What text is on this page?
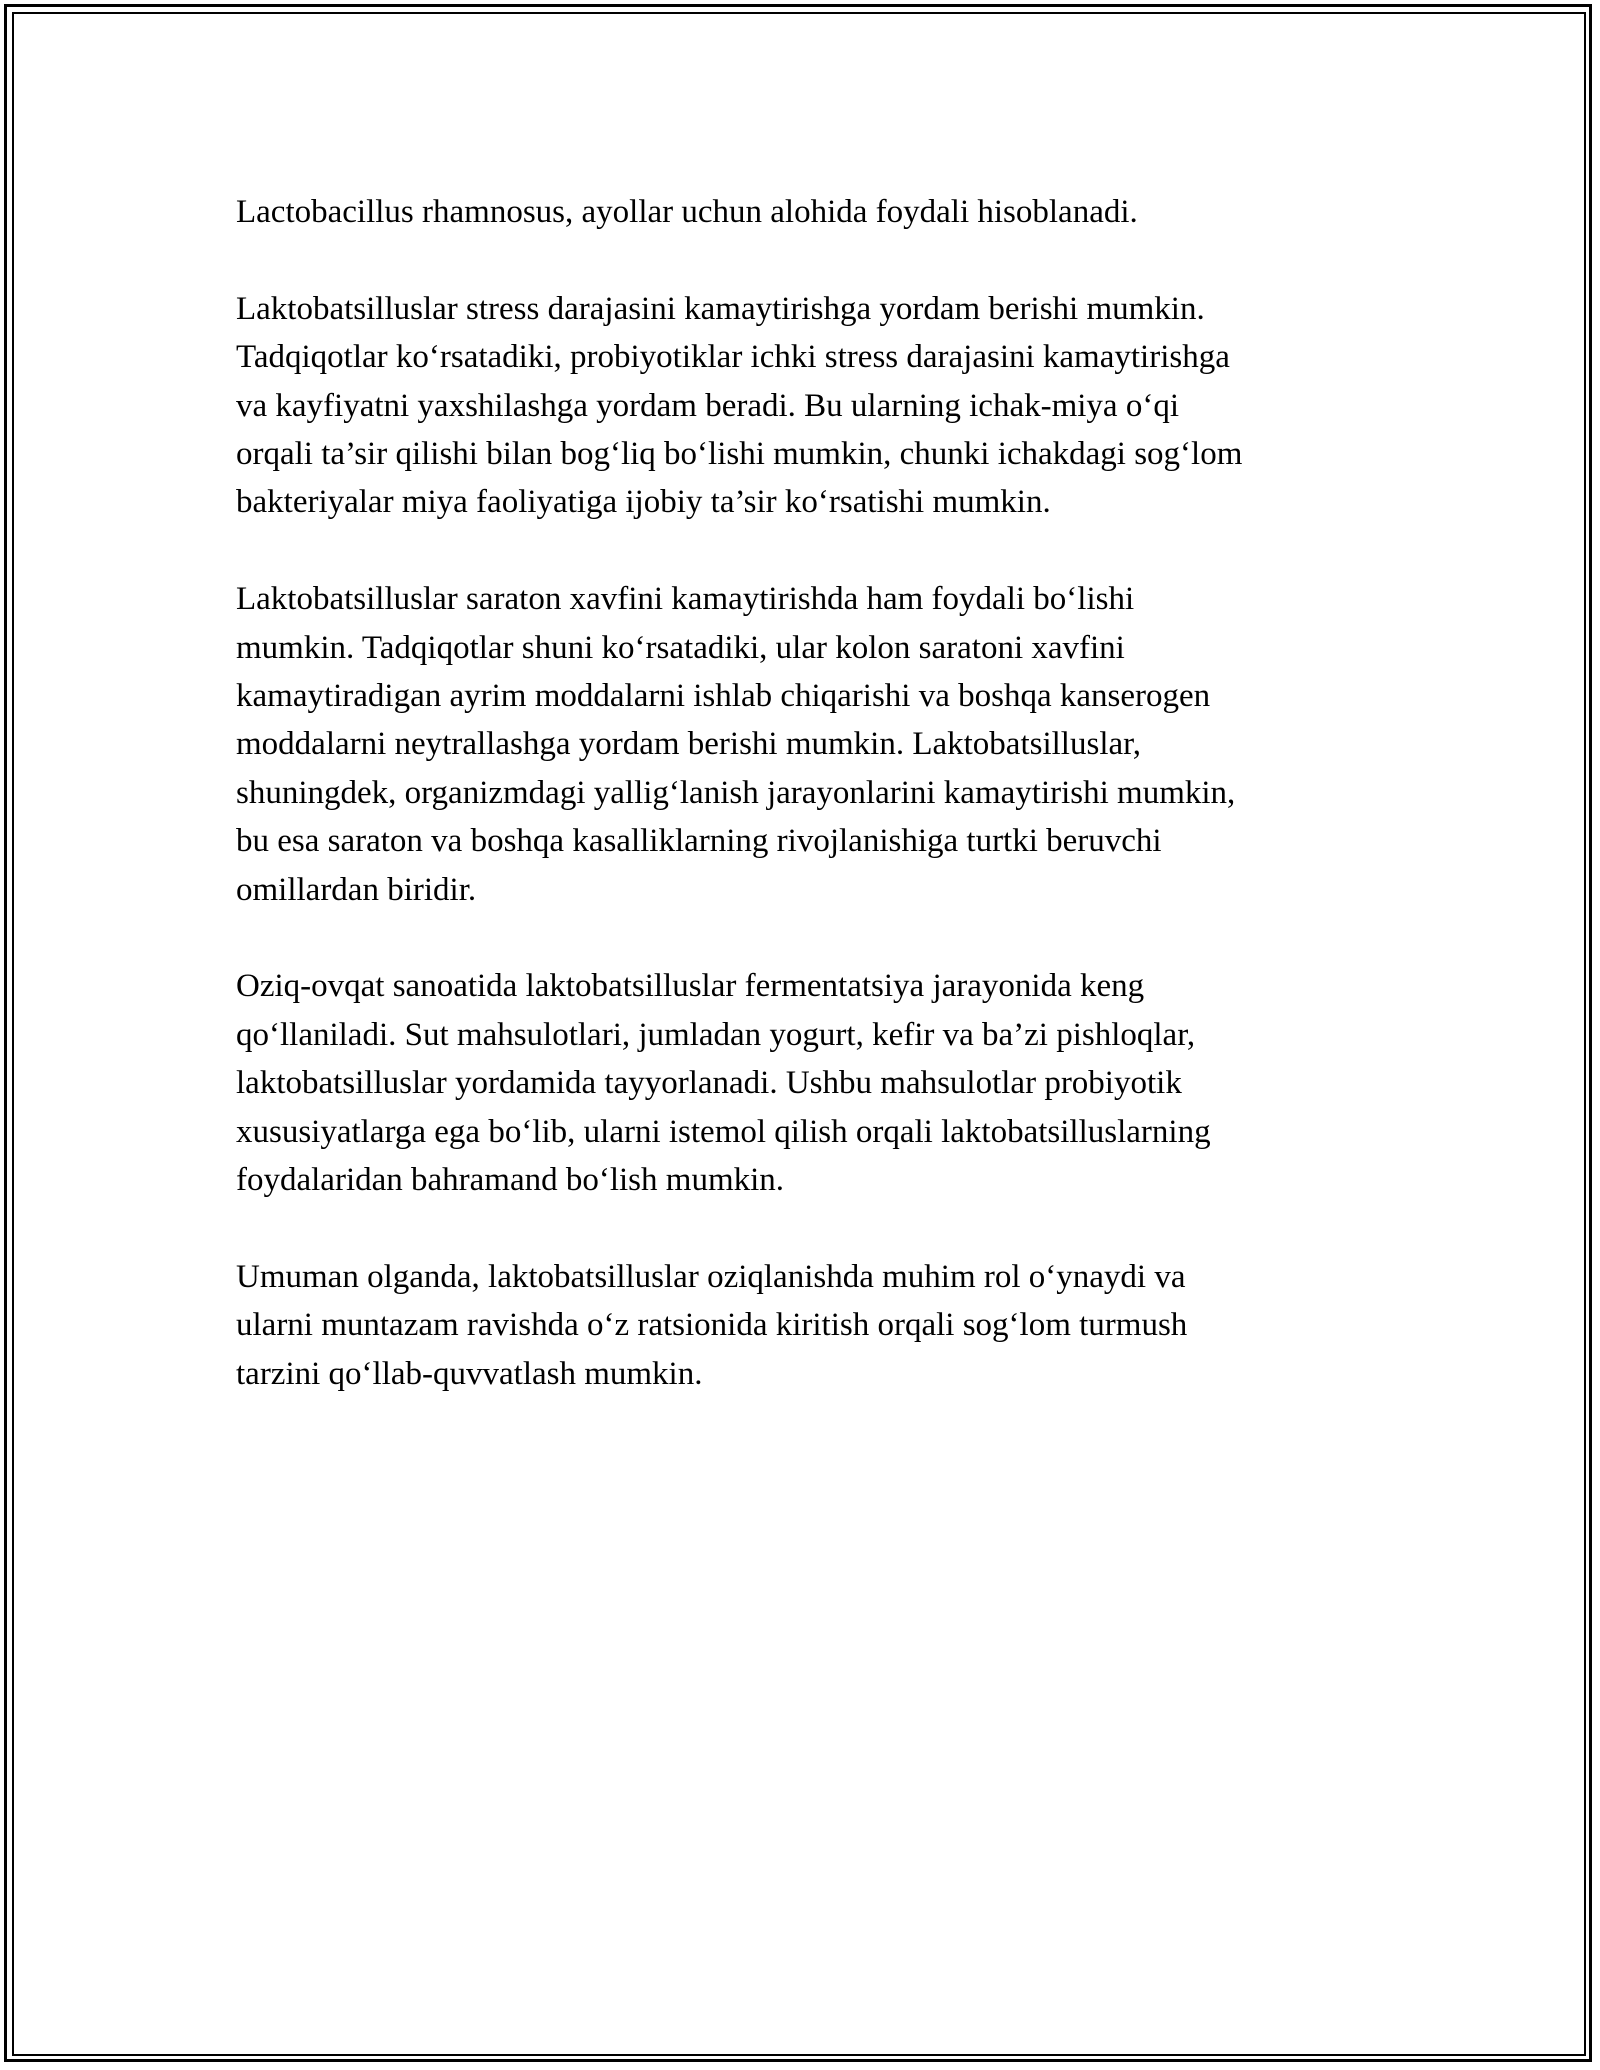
Lactobacillus rhamnosus, ayollar uchun alohida foydali hisoblanadi.

Laktobatsilluslar stress darajasini kamaytirishga yordam berishi mumkin.
Tadqiqotlar ko‘rsatadiki, probiyotiklar ichki stress darajasini kamaytirishga
va kayfiyatni yaxshilashga yordam beradi. Bu ularning ichak-miya o‘qi
orqali ta’sir qilishi bilan bog‘liq bo‘lishi mumkin, chunki ichakdagi sog‘lom
bakteriyalar miya faoliyatiga ijobiy ta’sir ko‘rsatishi mumkin.

Laktobatsilluslar saraton xavfini kamaytirishda ham foydali bo‘lishi
mumkin. Tadqiqotlar shuni ko‘rsatadiki, ular kolon saratoni xavfini
kamaytiradigan ayrim moddalarni ishlab chiqarishi va boshqa kanserogen
moddalarni neytrallashga yordam berishi mumkin. Laktobatsilluslar,
shuningdek, organizmdagi yallig‘lanish jarayonlarini kamaytirishi mumkin,
bu esa saraton va boshqa kasalliklarning rivojlanishiga turtki beruvchi
omillardan biridir.

Oziq-ovqat sanoatida laktobatsilluslar fermentatsiya jarayonida keng
qo‘llaniladi. Sut mahsulotlari, jumladan yogurt, kefir va ba’zi pishloqlar,
laktobatsilluslar yordamida tayyorlanadi. Ushbu mahsulotlar probiyotik
xususiyatlarga ega bo‘lib, ularni istemol qilish orqali laktobatsilluslarning
foydalaridan bahramand bo‘lish mumkin.

Umuman olganda, laktobatsilluslar oziqlanishda muhim rol o‘ynaydi va
ularni muntazam ravishda o‘z ratsionida kiritish orqali sog‘lom turmush
tarzini qo‘llab-quvvatlash mumkin.
